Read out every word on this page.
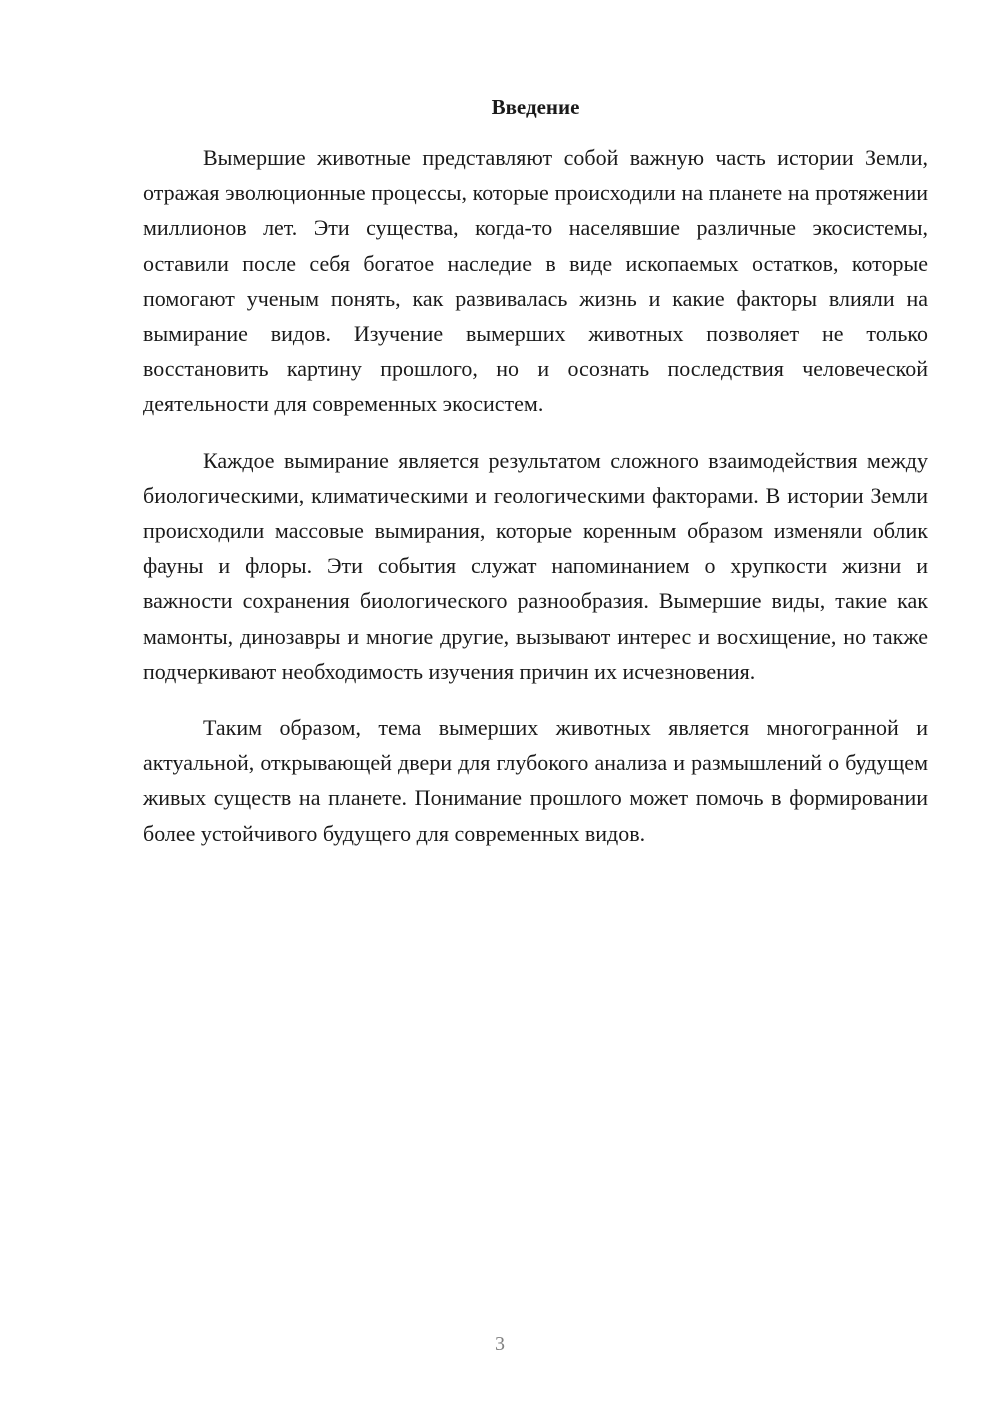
Введение

Вымершие животные представляют собой важную часть истории Земли, отражая эволюционные процессы, которые происходили на планете на протяжении миллионов лет. Эти существа, когда-то населявшие различные экосистемы, оставили после себя богатое наследие в виде ископаемых остатков, которые помогают ученым понять, как развивалась жизнь и какие факторы влияли на вымирание видов. Изучение вымерших животных позволяет не только восстановить картину прошлого, но и осознать последствия человеческой деятельности для современных экосистем.

Каждое вымирание является результатом сложного взаимодействия между биологическими, климатическими и геологическими факторами. В истории Земли происходили массовые вымирания, которые коренным образом изменяли облик фауны и флоры. Эти события служат напоминанием о хрупкости жизни и важности сохранения биологического разнообразия. Вымершие виды, такие как мамонты, динозавры и многие другие, вызывают интерес и восхищение, но также подчеркивают необходимость изучения причин их исчезновения.

Таким образом, тема вымерших животных является многогранной и актуальной, открывающей двери для глубокого анализа и размышлений о будущем живых существ на планете. Понимание прошлого может помочь в формировании более устойчивого будущего для современных видов.

3
